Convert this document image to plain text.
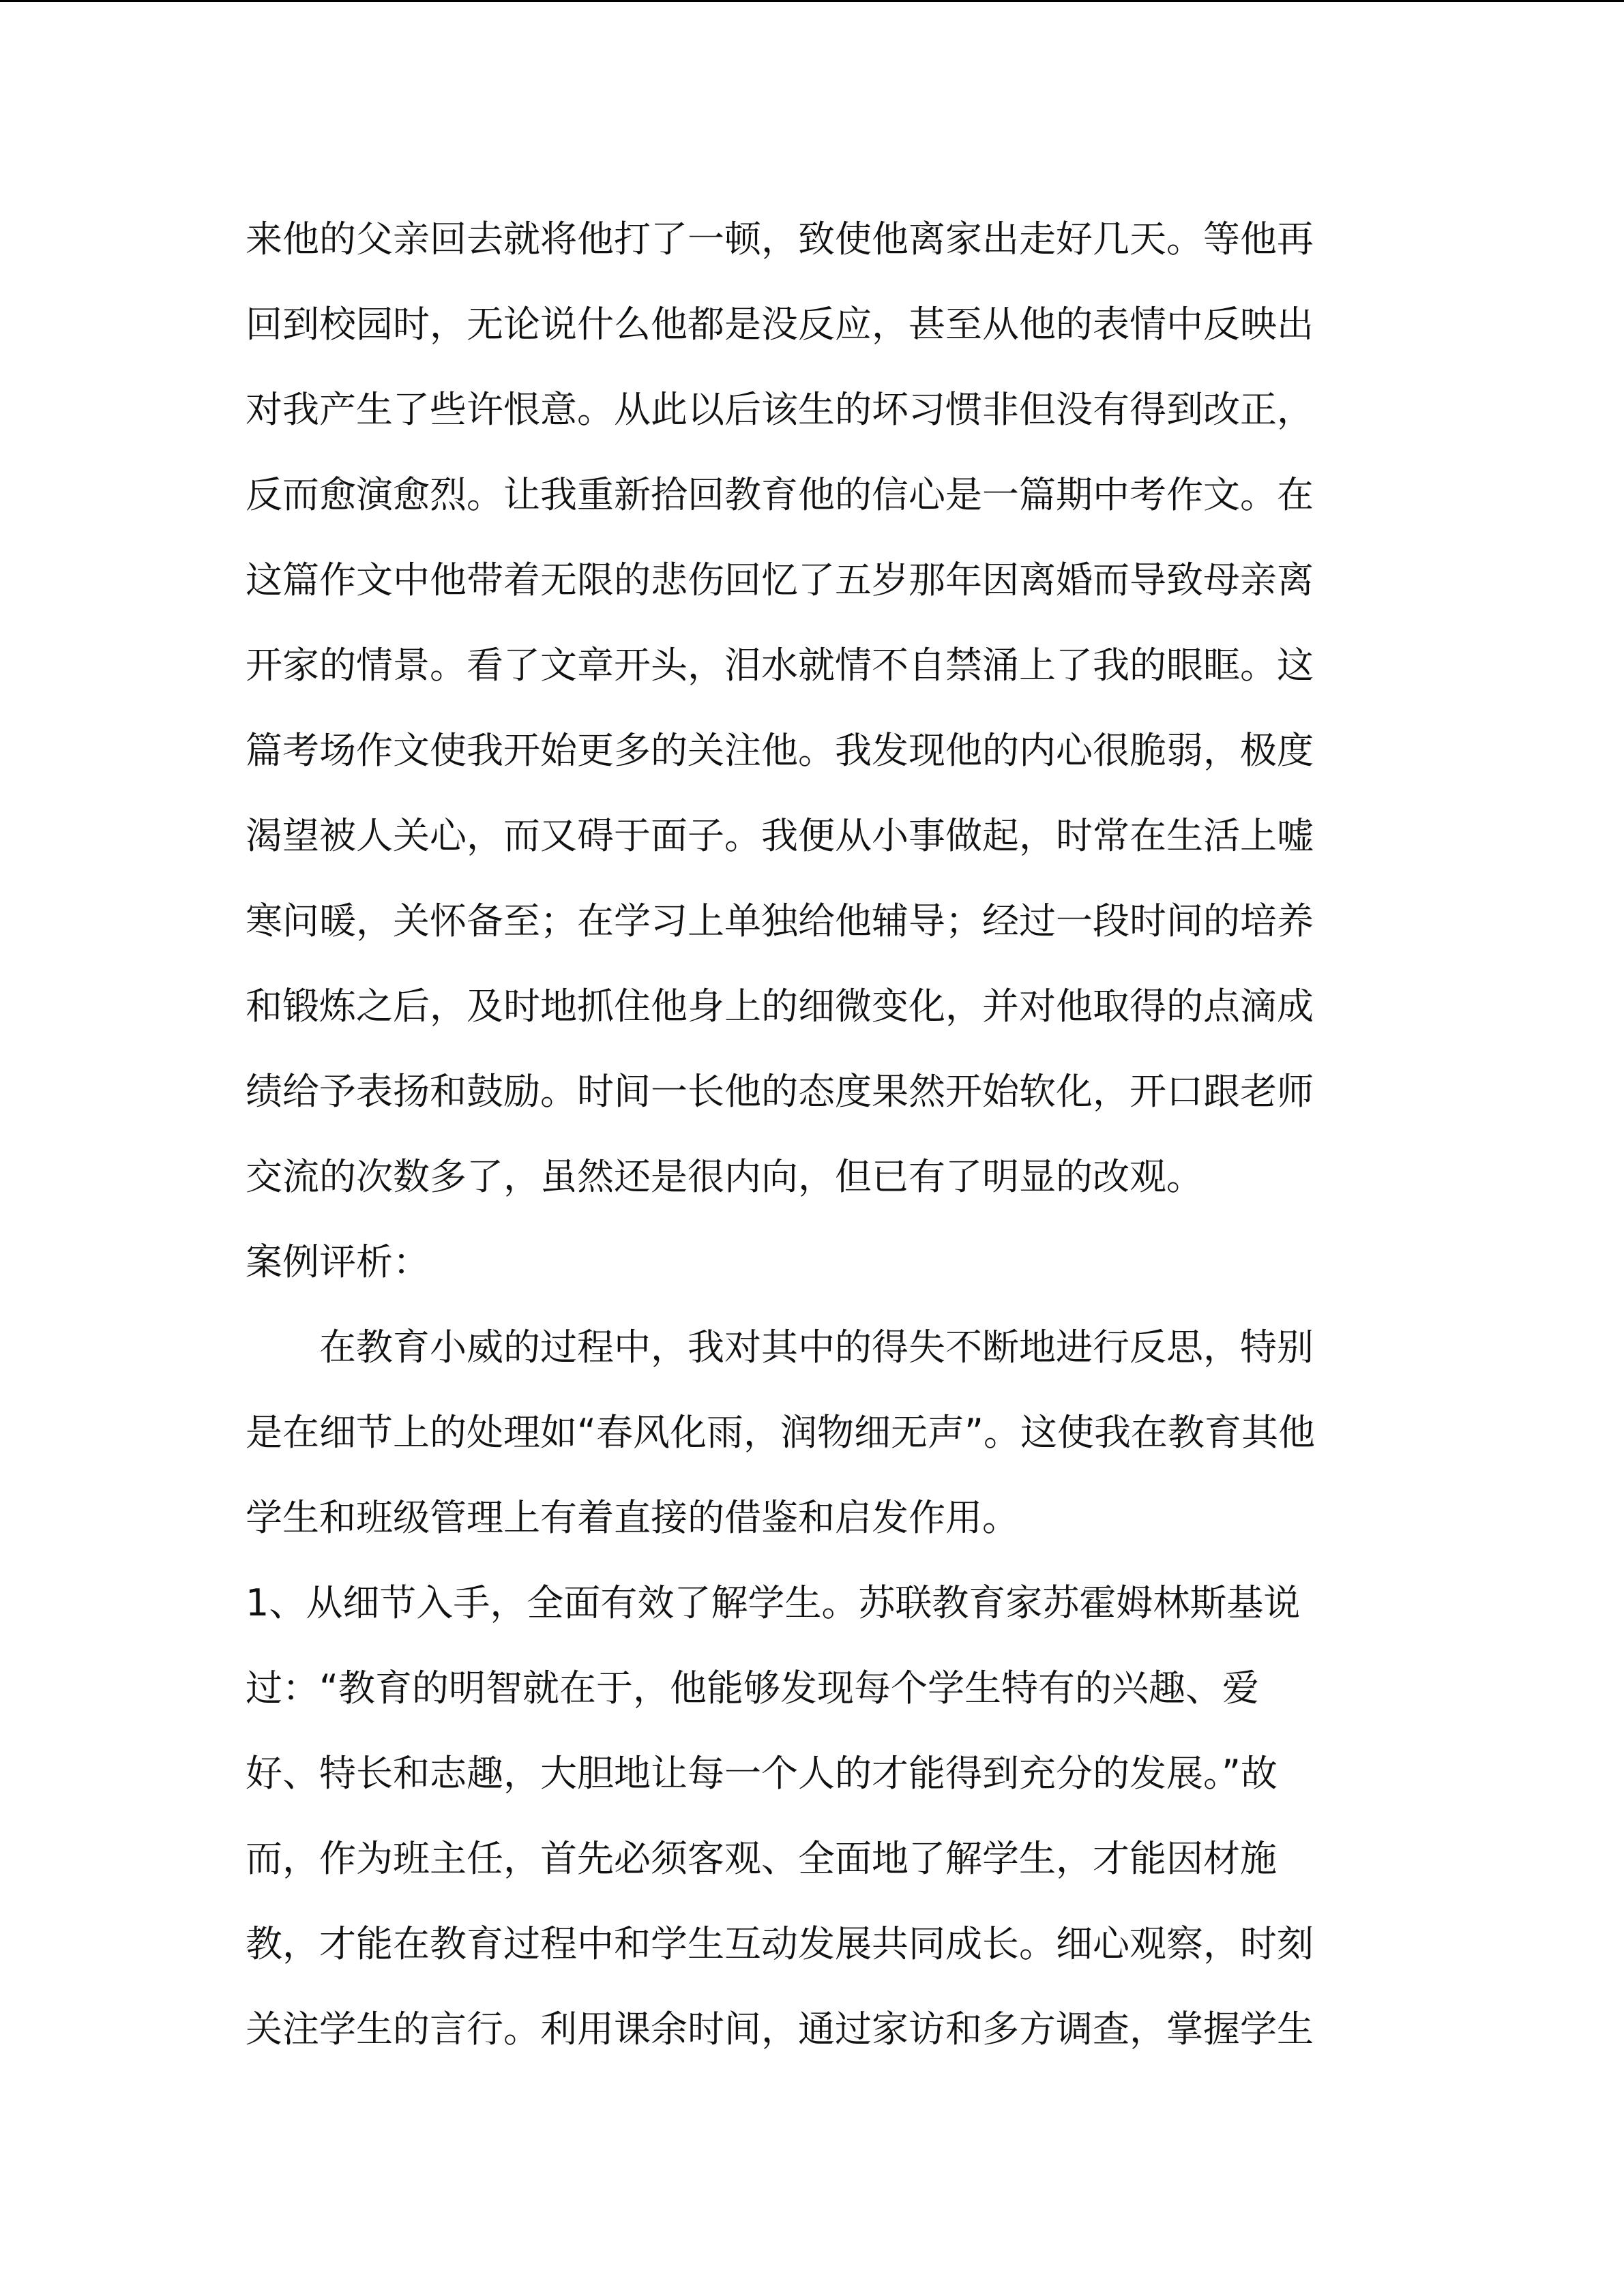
来他的父亲回去就将他打了一顿，致使他离家出走好几天。等他再
回到校园时，无论说什么他都是没反应，甚至从他的表情中反映出
对我产生了些许恨意。从此以后该生的坏习惯非但没有得到改正，
反而愈演愈烈。让我重新拾回教育他的信心是一篇期中考作文。在
这篇作文中他带着无限的悲伤回忆了五岁那年因离婚而导致母亲离
开家的情景。看了文章开头，泪水就情不自禁涌上了我的眼眶。这
篇考场作文使我开始更多的关注他。我发现他的内心很脆弱，极度
渴望被人关心，而又碍于面子。我便从小事做起，时常在生活上嘘
寒问暖，关怀备至；在学习上单独给他辅导；经过一段时间的培养
和锻炼之后，及时地抓住他身上的细微变化，并对他取得的点滴成
绩给予表扬和鼓励。时间一长他的态度果然开始软化，开口跟老师
交流的次数多了，虽然还是很内向，但已有了明显的改观。
案例评析：
在教育小威的过程中，我对其中的得失不断地进行反思，特别
是在细节上的处理如“春风化雨，润物细无声”。这使我在教育其他
学生和班级管理上有着直接的借鉴和启发作用。
1、从细节入手，全面有效了解学生。苏联教育家苏霍姆林斯基说
过：“教育的明智就在于，他能够发现每个学生特有的兴趣、爱
好、特长和志趣，大胆地让每一个人的才能得到充分的发展。”故
而，作为班主任，首先必须客观、全面地了解学生，才能因材施
教，才能在教育过程中和学生互动发展共同成长。细心观察，时刻
关注学生的言行。利用课余时间，通过家访和多方调查，掌握学生
